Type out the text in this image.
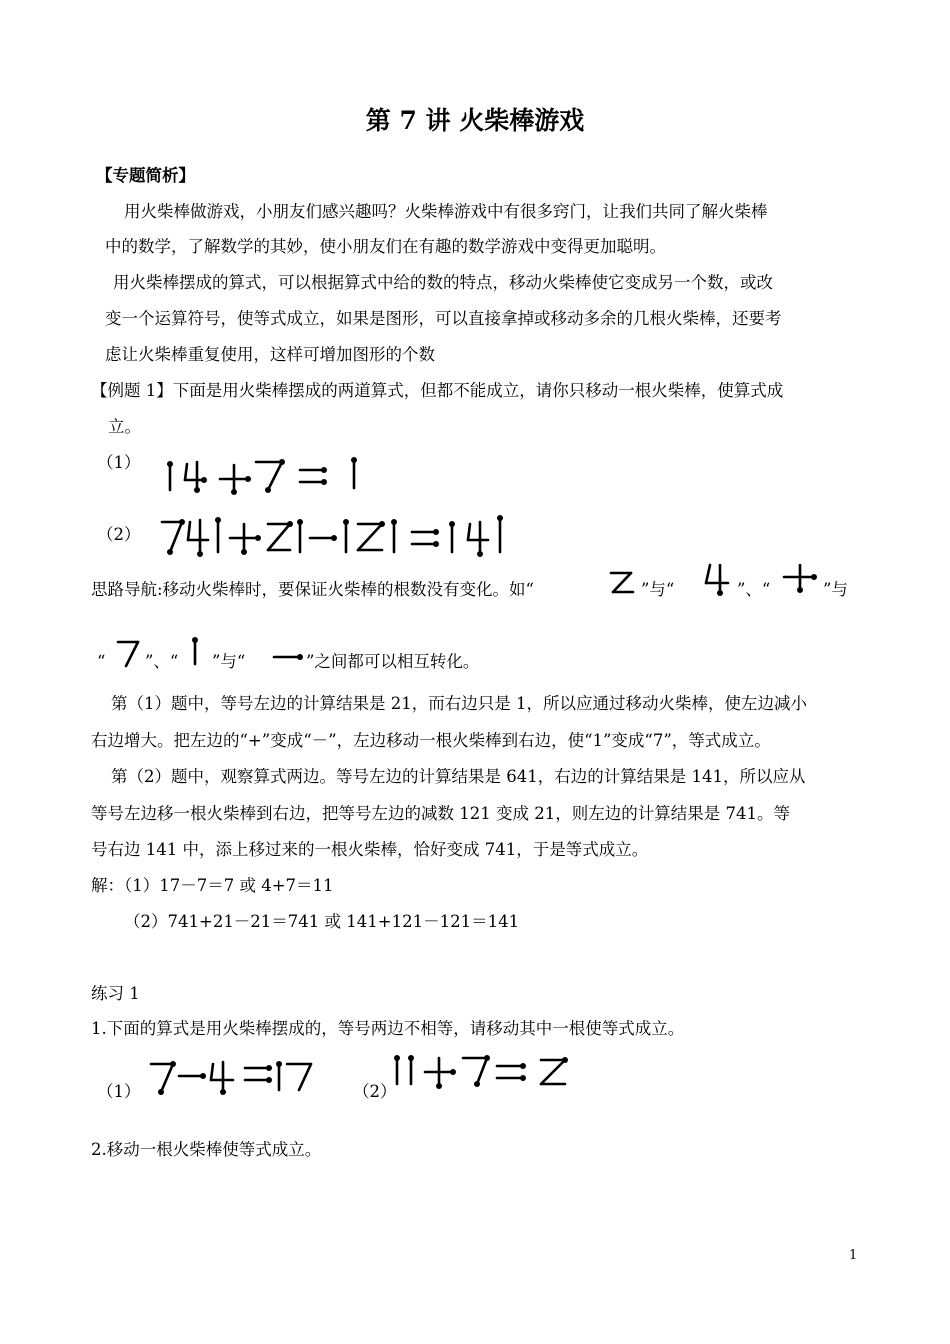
第 7 讲 火柴棒游戏
【专题简析】
用火柴棒做游戏，小朋友们感兴趣吗？火柴棒游戏中有很多窍门，让我们共同了解火柴棒
中的数学，了解数学的其妙，使小朋友们在有趣的数学游戏中变得更加聪明。
用火柴棒摆成的算式，可以根据算式中给的数的特点，移动火柴棒使它变成另一个数，或改
变一个运算符号，使等式成立，如果是图形，可以直接拿掉或移动多余的几根火柴棒，还要考
虑让火柴棒重复使用，这样可增加图形的个数
【例题 1】下面是用火柴棒摆成的两道算式，但都不能成立，请你只移动一根火柴棒，使算式成
立。
（1）
（2）
思路导航:移动火柴棒时，要保证火柴棒的根数没有变化。如“	”与“	”、“	”与
“ ”、“ ”与“	”之间都可以相互转化。
第（1）题中，等号左边的计算结果是 21，而右边只是 1，所以应通过移动火柴棒，使左边减小
右边增大。把左边的“+”变成“－”，左边移动一根火柴棒到右边，使“1”变成“7”，等式成立。
第（2）题中，观察算式两边。等号左边的计算结果是 641，右边的计算结果是 141，所以应从
等号左边移一根火柴棒到右边，把等号左边的减数 121 变成 21，则左边的计算结果是 741。等
号右边 141 中，添上移过来的一根火柴棒，恰好变成 741，于是等式成立。
解：（1）17－7＝7 或 4+7＝11
（2）741+21－21＝741 或 141+121－121＝141
练习 1
1.下面的算式是用火柴棒摆成的，等号两边不相等，请移动其中一根使等式成立。
（1）	（2）
2.移动一根火柴棒使等式成立。
1
